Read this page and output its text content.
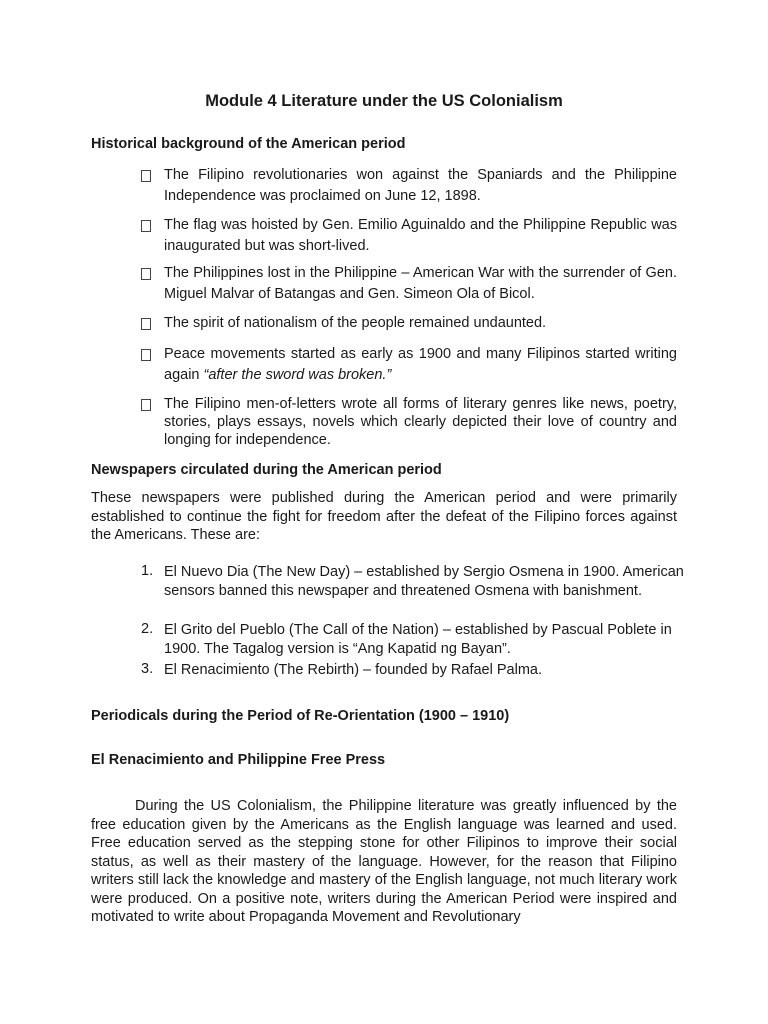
Module 4 Literature under the US Colonialism
Historical background of the American period
The Filipino revolutionaries won against the Spaniards and the Philippine Independence was proclaimed on June 12, 1898.
The flag was hoisted by Gen. Emilio Aguinaldo and the Philippine Republic was inaugurated but was short-lived.
The Philippines lost in the Philippine – American War with the surrender of Gen. Miguel Malvar of Batangas and Gen. Simeon Ola of Bicol.
The spirit of nationalism of the people remained undaunted.
Peace movements started as early as 1900 and many Filipinos started writing again “after the sword was broken.”
The Filipino men-of-letters wrote all forms of literary genres like news, poetry, stories, plays essays, novels which clearly depicted their love of country and longing for independence.
Newspapers circulated during the American period
These newspapers were published during the American period and were primarily established to continue the fight for freedom after the defeat of the Filipino forces against the Americans. These are:
1. El Nuevo Dia (The New Day) – established by Sergio Osmena in 1900. American sensors banned this newspaper and threatened Osmena with banishment.
2. El Grito del Pueblo (The Call of the Nation) – established by Pascual Poblete in 1900. The Tagalog version is “Ang Kapatid ng Bayan”.
3. El Renacimiento (The Rebirth) – founded by Rafael Palma.
Periodicals during the Period of Re-Orientation (1900 – 1910)
El Renacimiento and Philippine Free Press
During the US Colonialism, the Philippine literature was greatly influenced by the free education given by the Americans as the English language was learned and used. Free education served as the stepping stone for other Filipinos to improve their social status, as well as their mastery of the language. However, for the reason that Filipino writers still lack the knowledge and mastery of the English language, not much literary work were produced. On a positive note, writers during the American Period were inspired and motivated to write about Propaganda Movement and Revolutionary
